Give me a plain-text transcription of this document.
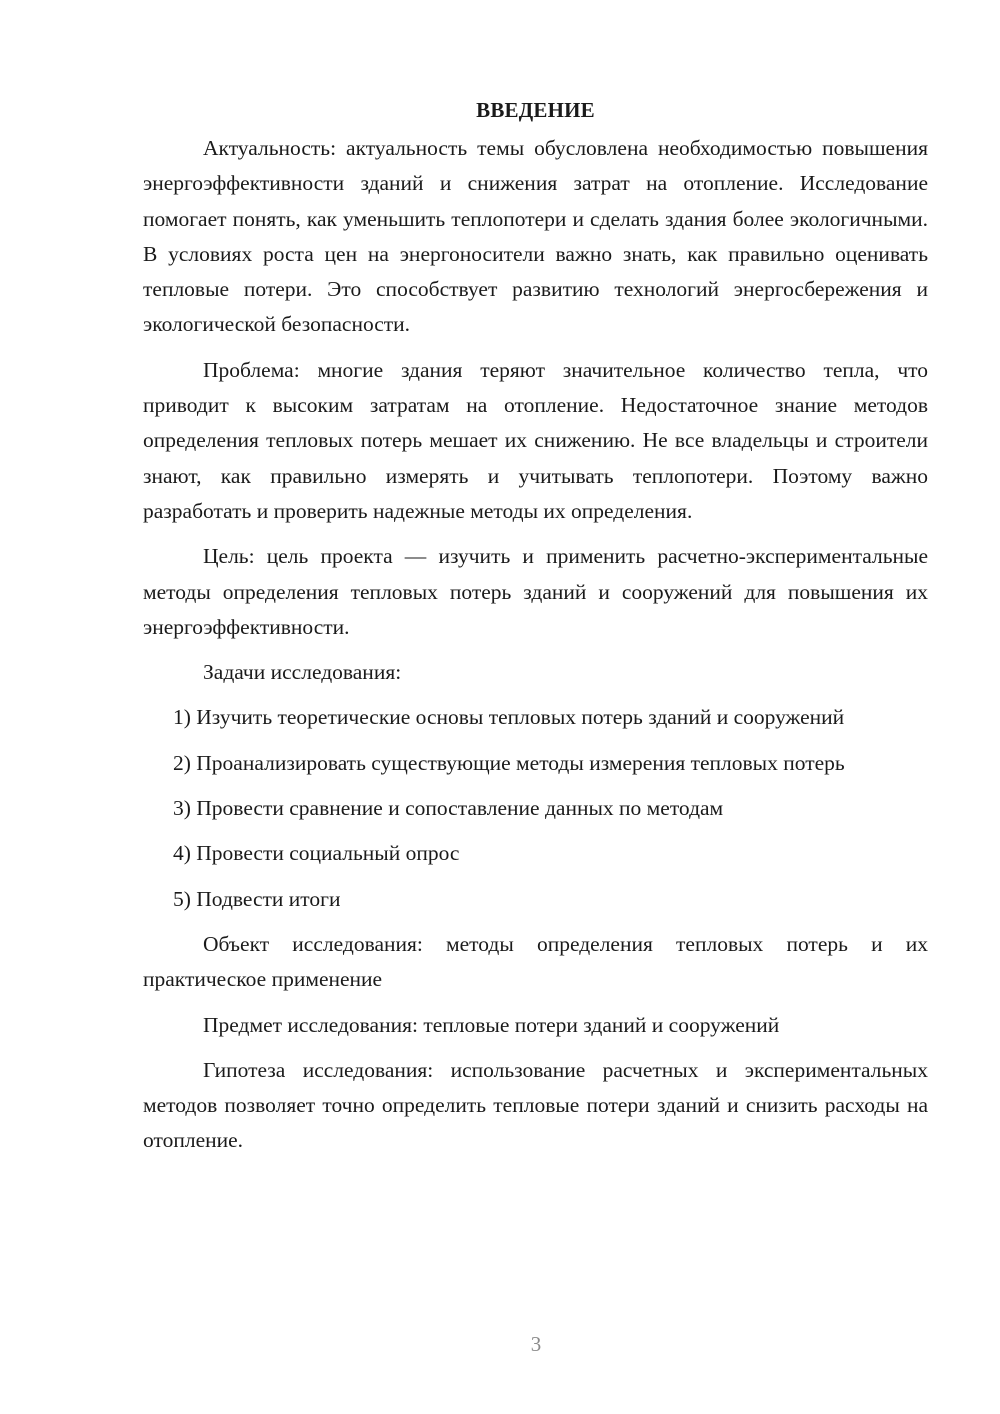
ВВЕДЕНИЕ

Актуальность: актуальность темы обусловлена необходимостью повышения энергоэффективности зданий и снижения затрат на отопление. Исследование помогает понять, как уменьшить теплопотери и сделать здания более экологичными. В условиях роста цен на энергоносители важно знать, как правильно оценивать тепловые потери. Это способствует развитию технологий энергосбережения и экологической безопасности.

Проблема: многие здания теряют значительное количество тепла, что приводит к высоким затратам на отопление. Недостаточное знание методов определения тепловых потерь мешает их снижению. Не все владельцы и строители знают, как правильно измерять и учитывать теплопотери. Поэтому важно разработать и проверить надежные методы их определения.

Цель: цель проекта — изучить и применить расчетно-экспериментальные методы определения тепловых потерь зданий и сооружений для повышения их энергоэффективности.

Задачи исследования:

1) Изучить теоретические основы тепловых потерь зданий и сооружений

2) Проанализировать существующие методы измерения тепловых потерь

3) Провести сравнение и сопоставление данных по методам

4) Провести социальный опрос

5) Подвести итоги

Объект исследования: методы определения тепловых потерь и их практическое применение

Предмет исследования: тепловые потери зданий и сооружений

Гипотеза исследования: использование расчетных и экспериментальных методов позволяет точно определить тепловые потери зданий и снизить расходы на отопление.

3
